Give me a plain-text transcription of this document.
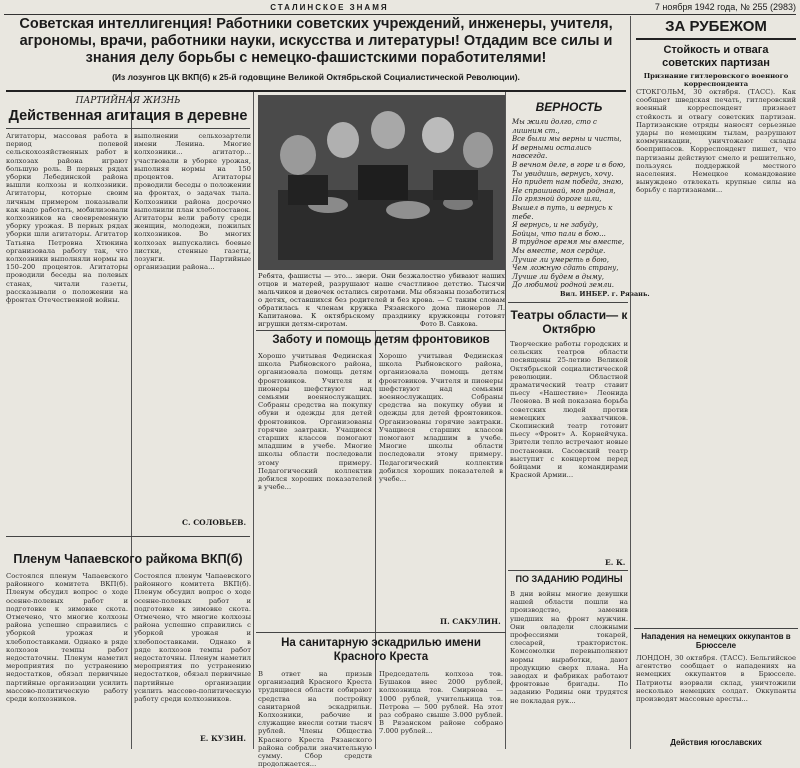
СТАЛИНСКОЕ ЗНАМЯ	7 ноября 1942 года, № 255 (2983)
Советская интеллигенция! Работники советских учреждений, инженеры, учителя, агрономы, врачи, работники науки, искусства и литературы! Отдадим все силы и знания делу борьбы с немецко-фашистскими поработителями!
(Из лозунгов ЦК ВКП(б) к 25-й годовщине Великой Октябрьской Социалистической Революции).
ЗА РУБЕЖОМ
ПАРТИЙНАЯ ЖИЗНЬ
Действенная агитация в деревне
Агитаторы, массовая работа в период полевой сельскохозяйственных работ в колхозах района играют большую роль. В первых рядах уборки Лебединской района вышли колхозы и колхозники. Агитаторы, которые своим личным примером показывали как надо работать, мобилизовали колхозников на своевременную уборку урожая. В первых рядах уборки шли агитаторы. Агитатор Татьяна Петровна Хтюкина организовала работу так, что колхозники выполняли нормы на 150–200 процентов. Агитаторы проводили беседы на полевых станах, читали газеты, рассказывали о положении на фронтах Отечественной войны.
выполнении сельхозартели имени Ленина. Многие колхозники... агитатор... участвовали в уборке урожая, выполняя нормы на 150 процентов. Агитаторы проводили беседы о положении на фронтах, о задачах тыла. Колхозники района досрочно выполнили план хлебопоставок. Агитаторы вели работу среди женщин, молодежи, пожилых колхозников. Во многих колхозах выпускались боевые листки, стенные газеты, лозунги. Партийные организации района...
С. СОЛОВЬЕВ.
Пленум Чапаевского райкома ВКП(б)
Состоялся пленум Чапаевского районного комитета ВКП(б). Пленум обсудил вопрос о ходе осенне-полевых работ и подготовке к зимовке скота. Отмечено, что многие колхозы района успешно справились с уборкой урожая и хлебопоставками. Однако в ряде колхозов темпы работ недостаточны. Пленум наметил мероприятия по устранению недостатков, обязал первичные партийные организации усилить массово-политическую работу среди колхозников.
Состоялся пленум Чапаевского районного комитета ВКП(б). Пленум обсудил вопрос о ходе осенне-полевых работ и подготовке к зимовке скота. Отмечено, что многие колхозы района успешно справились с уборкой урожая и хлебопоставками. Однако в ряде колхозов темпы работ недостаточны. Пленум наметил мероприятия по устранению недостатков, обязал первичные партийные организации усилить массово-политическую работу среди колхозников.
Е. КУЗИН.
Ребята, фашисты — это... звери. Они безжалостно убивают наших отцов и матерей, разрушают наше счастливое детство. Тысячи мальчиков и девочек остались сиротами. Мы обязаны позаботиться о детях, оставшихся без родителей и без крова. — С таким словам обратилась к членам кружка Рязанского дома пионеров Л. Капитанова. К октябрьскому празднику кружковцы готовят игрушки детям-сиротам.	Фото В. Савкова.
ВЕРНОСТЬ
Мы жили долго, сто с лишним ст.,
Все были мы верны и чисты,
И верными остались навсегда.
В вечном деле, в горе и в бою,
Ты увидишь, вернусь, хочу.
Но придет нам победа, знаю,
Не спрашивай, моя родная,
По грязной дороге шли,
Вышел в путь, и вернусь к тебе.
Я вернусь, и не забуду,
Бойцы, что пали в бою...
В трудное время мы вместе,
Мы вместе, моя сердце.
Лучше ли умереть в бою,
Чем ложную сдать страну,
Лучше ли будем в дыму,
До любимой родной земли.
Вил. ИНБЕР. г. Рязань.
Театры области— к Октябрю
Творческие работы городских и сельских театров области посвящены 25-летию Великой Октябрьской социалистической революции. Областной драматический театр ставит пьесу «Нашествие» Леонида Леонова. В ней показана борьба советских людей против немецких захватчиков. Скопинский театр готовит пьесу «Фронт» А. Корнейчука. Зрители тепло встречают новые постановки. Сасовский театр выступит с концертом перед бойцами и командирами Красной Армии...
Е. К.
ПО ЗАДАНИЮ РОДИНЫ
В дни войны многие девушки нашей области пошли на производство, заменив ушедших на фронт мужчин. Они овладели сложными профессиями токарей, слесарей, трактористок. Комсомолки перевыполняют нормы выработки, дают продукцию сверх плана. На заводах и фабриках работают фронтовые бригады. По заданию Родины они трудятся не покладая рук...
Заботу и помощь детям фронтовиков
Хорошо учитывая Фединская школа Рыбновского района, организовала помощь детям фронтовиков. Учителя и пионеры шефствуют над семьями военнослужащих. Собраны средства на покупку обуви и одежды для детей фронтовиков. Организованы горячие завтраки. Учащиеся старших классов помогают младшим в учебе. Многие школы области последовали этому примеру. Педагогический коллектив добился хороших показателей в учебе...
Хорошо учитывая Фединская школа Рыбновского района, организовала помощь детям фронтовиков. Учителя и пионеры шефствуют над семьями военнослужащих. Собраны средства на покупку обуви и одежды для детей фронтовиков. Организованы горячие завтраки. Учащиеся старших классов помогают младшим в учебе. Многие школы области последовали этому примеру. Педагогический коллектив добился хороших показателей в учебе...
П. САКУЛИН.
На санитарную эскадрилью имени Красного Креста
В ответ на призыв организаций Красного Креста трудящиеся области собирают средства на постройку санитарной эскадрильи. Колхозники, рабочие и служащие внесли сотни тысяч рублей. Члены Общества Красного Креста Рязанского района собрали значительную сумму. Сбор средств продолжается...
Председатель колхоза тов. Бушаков внес 2000 рублей, колхозница тов. Смирнова — 1000 рублей, учительница тов. Петрова — 500 рублей. На этот раз собрано свыше 3.000 рублей. В Рязанском районе собрано 7.000 рублей...
Стойкость и отвага советских партизан
Признание гитлеровского военного корреспондента
СТОКГОЛЬМ, 30 октября. (ТАСС). Как сообщает шведская печать, гитлеровский военный корреспондент признает стойкость и отвагу советских партизан. Партизанские отряды наносят серьезные удары по немецким тылам, разрушают коммуникации, уничтожают склады боеприпасов. Корреспондент пишет, что партизаны действуют смело и решительно, пользуясь поддержкой местного населения. Немецкое командование вынуждено отвлекать крупные силы на борьбу с партизанами...
Нападения на немецких оккупантов в Брюсселе
ЛОНДОН, 30 октября. (ТАСС). Бельгийское агентство сообщает о нападениях на немецких оккупантов в Брюсселе. Патриоты взорвали склад, уничтожили несколько немецких солдат. Оккупанты производят массовые аресты...
Действия югославских
